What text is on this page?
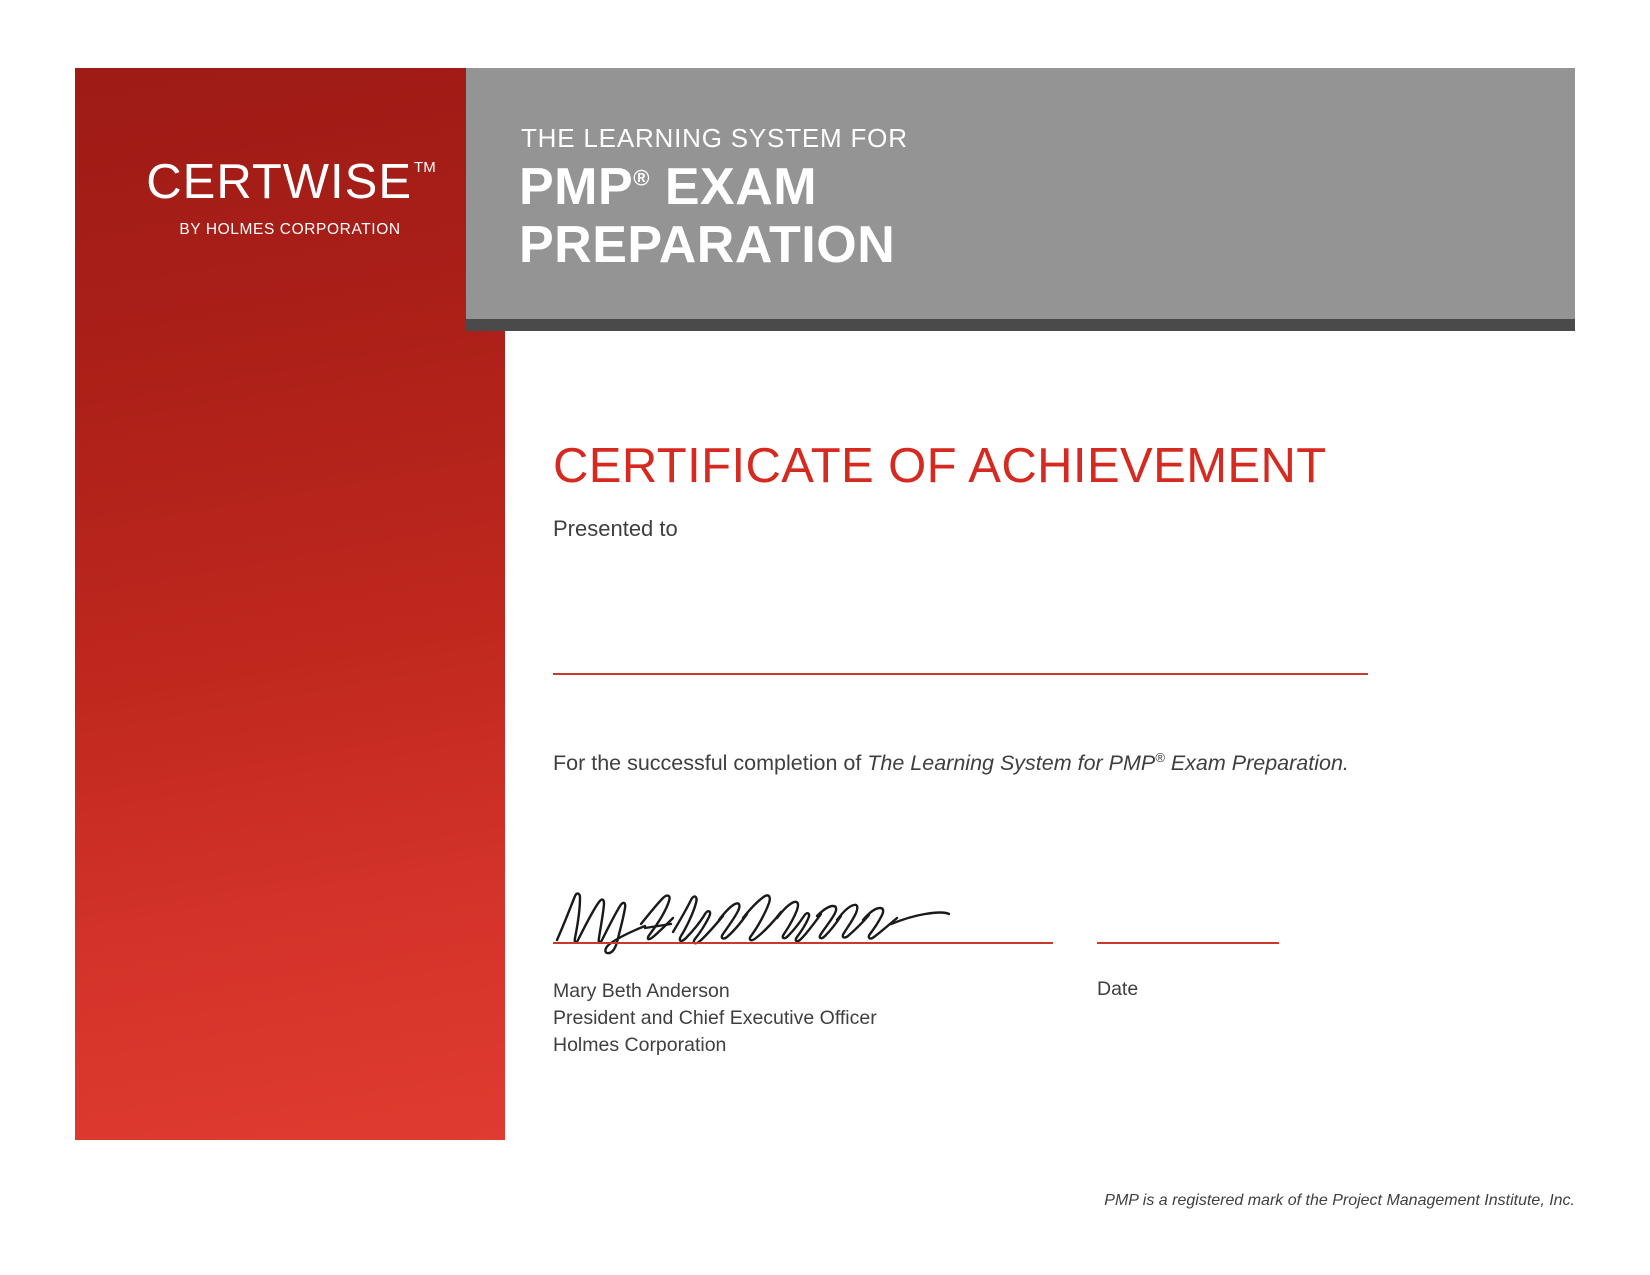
CERTWISE ™
BY HOLMES CORPORATION
THE LEARNING SYSTEM FOR
PMP® EXAM
PREPARATION
CERTIFICATE OF ACHIEVEMENT
Presented to
For the successful completion of The Learning System for PMP® Exam Preparation.
Mary Beth Anderson
President and Chief Executive Officer
Holmes Corporation
Date
PMP is a registered mark of the Project Management Institute, Inc.
